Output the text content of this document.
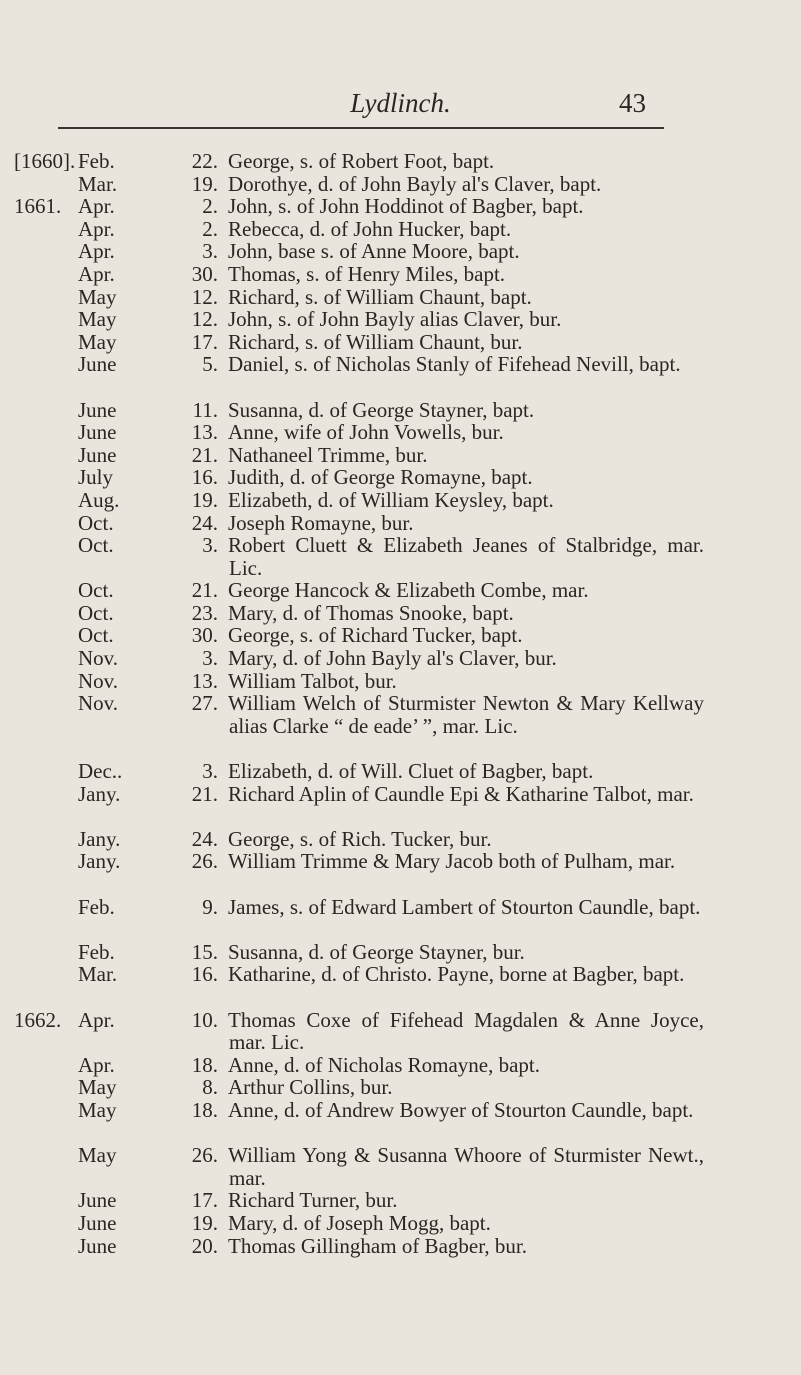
Lydlinch.	43
[1660]. Feb.	22. George, s. of Robert Foot, bapt.
Mar.	19. Dorothye, d. of John Bayly al's Claver, bapt.
1661. Apr.	2. John, s. of John Hoddinot of Bagber, bapt.
Apr.	2. Rebecca, d. of John Hucker, bapt.
Apr.	3. John, base s. of Anne Moore, bapt.
Apr.	30. Thomas, s. of Henry Miles, bapt.
May	12. Richard, s. of William Chaunt, bapt.
May	12. John, s. of John Bayly alias Claver, bur.
May	17. Richard, s. of William Chaunt, bur.
June	5. Daniel, s. of Nicholas Stanly of Fifehead Nevill, bapt.
June	11. Susanna, d. of George Stayner, bapt.
June	13. Anne, wife of John Vowells, bur.
June	21. Nathaneel Trimme, bur.
July	16. Judith, d. of George Romayne, bapt.
Aug.	19. Elizabeth, d. of William Keysley, bapt.
Oct.	24. Joseph Romayne, bur.
Oct.	3. Robert Cluett & Elizabeth Jeanes of Stalbridge, mar. Lic.
Oct.	21. George Hancock & Elizabeth Combe, mar.
Oct.	23. Mary, d. of Thomas Snooke, bapt.
Oct.	30. George, s. of Richard Tucker, bapt.
Nov.	3. Mary, d. of John Bayly al's Claver, bur.
Nov.	13. William Talbot, bur.
Nov.	27. William Welch of Sturmister Newton & Mary Kellway alias Clarke “ de eade’ ”, mar. Lic.
Dec..	3. Elizabeth, d. of Will. Cluet of Bagber, bapt.
Jany.	21. Richard Aplin of Caundle Epi & Katharine Talbot, mar.
Jany.	24. George, s. of Rich. Tucker, bur.
Jany.	26. William Trimme & Mary Jacob both of Pulham, mar.
Feb.	9. James, s. of Edward Lambert of Stourton Caundle, bapt.
Feb.	15. Susanna, d. of George Stayner, bur.
Mar.	16. Katharine, d. of Christo. Payne, borne at Bagber, bapt.
1662. Apr.	10. Thomas Coxe of Fifehead Magdalen & Anne Joyce, mar. Lic.
Apr.	18. Anne, d. of Nicholas Romayne, bapt.
May	8. Arthur Collins, bur.
May	18. Anne, d. of Andrew Bowyer of Stourton Caundle, bapt.
May	26. William Yong & Susanna Whoore of Sturmister Newt., mar.
June	17. Richard Turner, bur.
June	19. Mary, d. of Joseph Mogg, bapt.
June	20. Thomas Gillingham of Bagber, bur.
